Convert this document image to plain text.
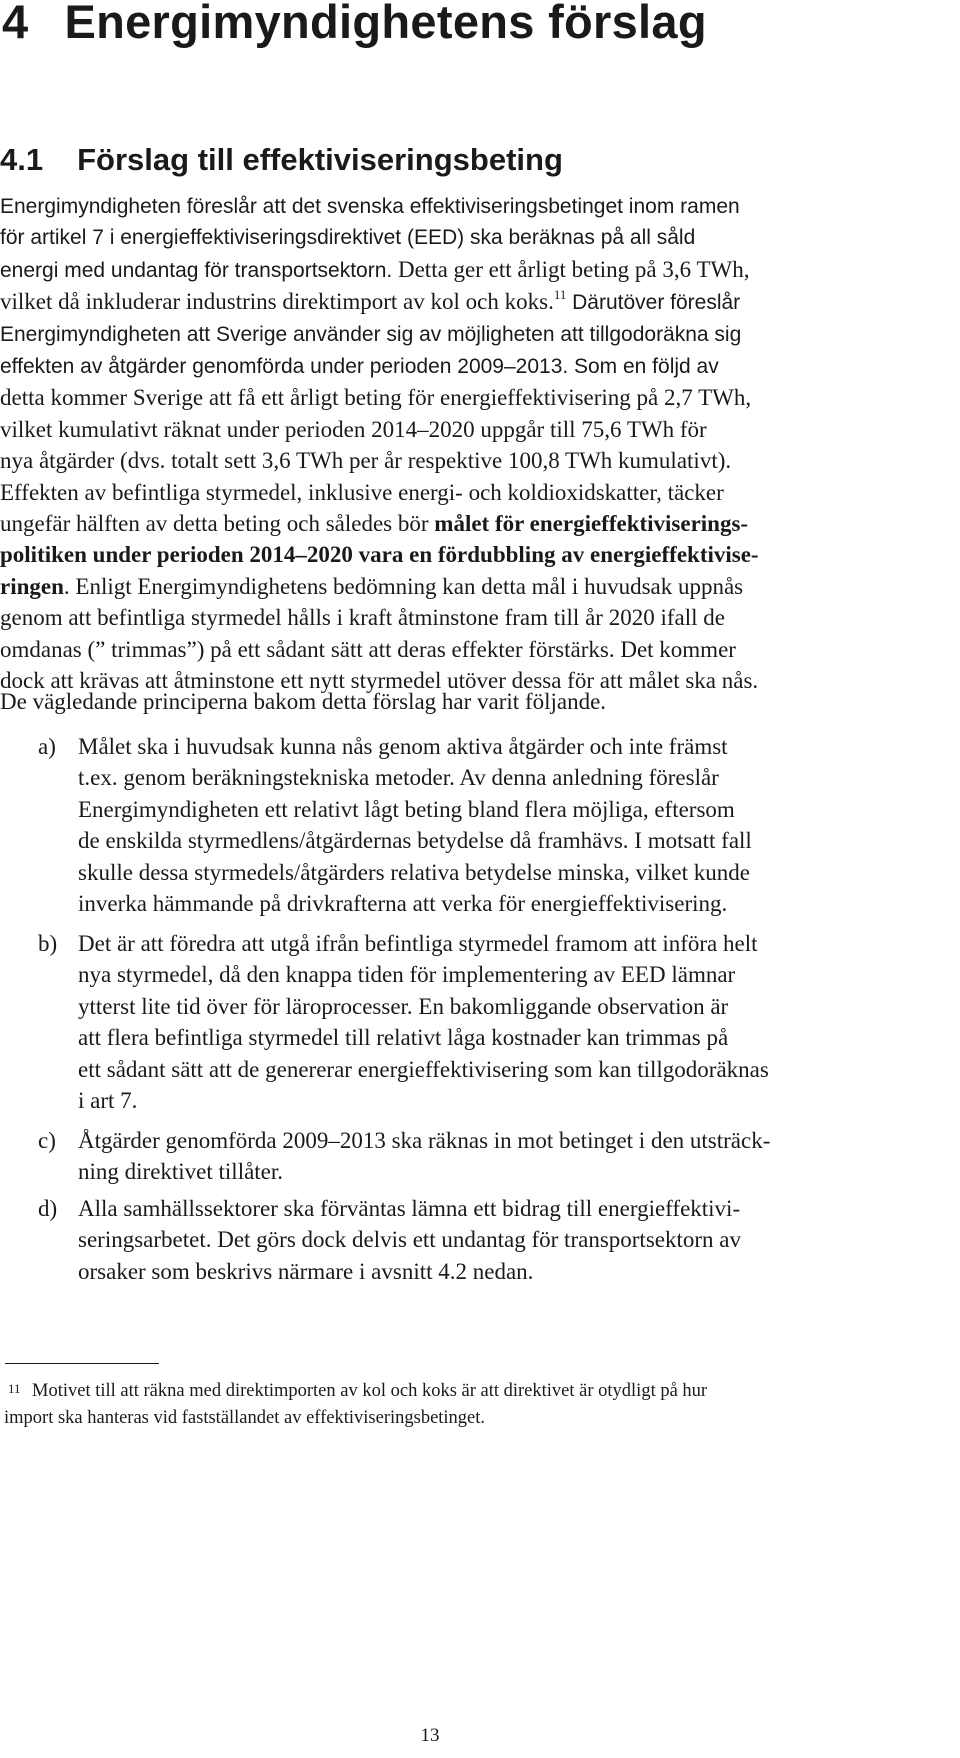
4 Energimyndighetens förslag
4.1 Förslag till effektiviseringsbeting
Energimyndigheten föreslår att det svenska effektiviseringsbetinget inom ramen
för artikel 7 i energieffektiviseringsdirektivet (EED) ska beräknas på all såld
energi med undantag för transportsektorn. Detta ger ett årligt beting på 3,6 TWh,
vilket då inkluderar industrins direktimport av kol och koks.$^{11}$ Därutöver föreslår
Energimyndigheten att Sverige använder sig av möjligheten att tillgodoräkna sig
effekten av åtgärder genomförda under perioden 2009–2013. Som en följd av
detta kommer Sverige att få ett årligt beting för energieffektivisering på 2,7 TWh,
vilket kumulativt räknat under perioden 2014–2020 uppgår till 75,6 TWh för
nya åtgärder (dvs. totalt sett 3,6 TWh per år respektive 100,8 TWh kumulativt).
Effekten av befintliga styrmedel, inklusive energi- och koldioxidskatter, täcker
ungefär hälften av detta beting och således bör målet för energieffektiviserings-
politiken under perioden 2014–2020 vara en fördubbling av energieffektivise-
ringen. Enligt Energimyndighetens bedömning kan detta mål i huvudsak uppnås
genom att befintliga styrmedel hålls i kraft åtminstone fram till år 2020 ifall de
omdanas (” trimmas”) på ett sådant sätt att deras effekter förstärks. Det kommer
dock att krävas att åtminstone ett nytt styrmedel utöver dessa för att målet ska nås.

De vägledande principerna bakom detta förslag har varit följande.

a) Målet ska i huvudsak kunna nås genom aktiva åtgärder och inte främst
t.ex. genom beräkningstekniska metoder. Av denna anledning föreslår
Energimyndigheten ett relativt lågt beting bland flera möjliga, eftersom
de enskilda styrmedlens/åtgärdernas betydelse då framhävs. I motsatt fall
skulle dessa styrmedels/åtgärders relativa betydelse minska, vilket kunde
inverka hämmande på drivkrafterna att verka för energieffektivisering.
b) Det är att föredra att utgå ifrån befintliga styrmedel framom att införa helt
nya styrmedel, då den knappa tiden för implementering av EED lämnar
ytterst lite tid över för läroprocesser. En bakomliggande observation är
att flera befintliga styrmedel till relativt låga kostnader kan trimmas på
ett sådant sätt att de genererar energieffektivisering som kan tillgodoräknas
i art 7.
c) Åtgärder genomförda 2009–2013 ska räknas in mot betinget i den utsträck-
ning direktivet tillåter.
d) Alla samhällssektorer ska förväntas lämna ett bidrag till energieffektivi-
seringsarbetet. Det görs dock delvis ett undantag för transportsektorn av
orsaker som beskrivs närmare i avsnitt 4.2 nedan.
11 Motivet till att räkna med direktimporten av kol och koks är att direktivet är otydligt på hur
import ska hanteras vid fastställandet av effektiviseringsbetinget.
13
